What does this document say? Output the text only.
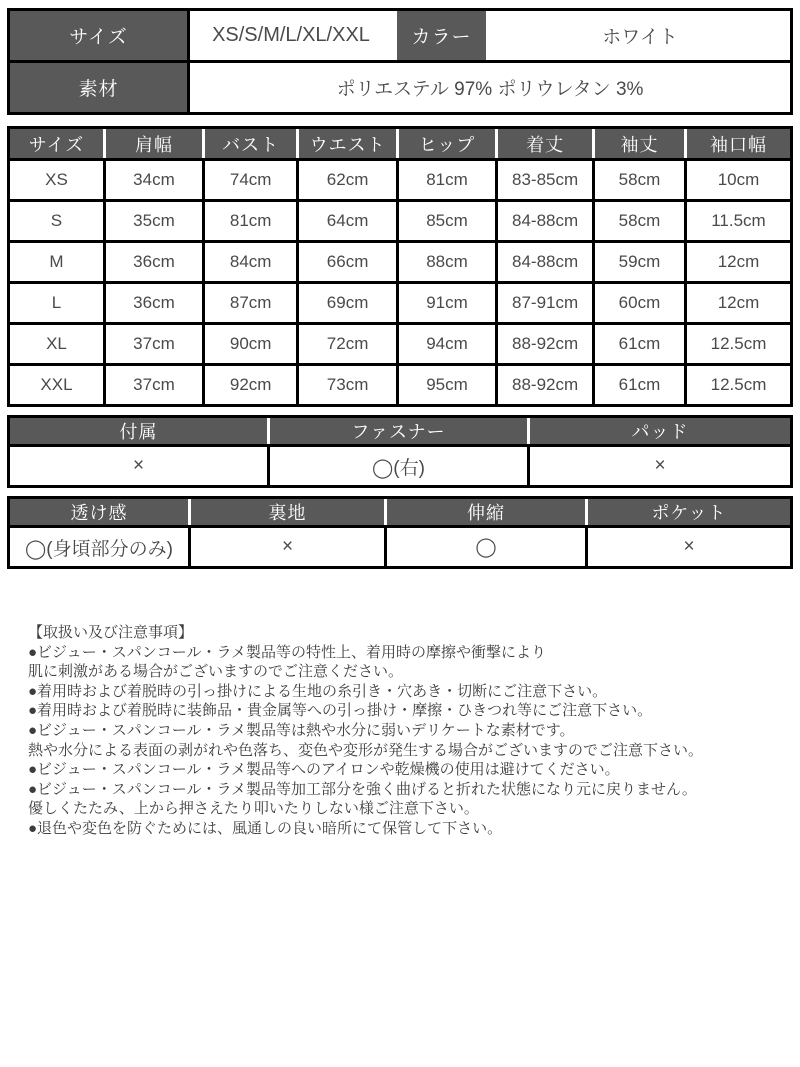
サイズ	XS/S/M/L/XL/XXL	カラー	ホワイト
素材	ポリエステル 97% ポリウレタン 3%
サイズ	肩幅	バスト	ウエスト	ヒップ	着丈	袖丈	袖口幅
XS	34cm	74cm	62cm	81cm	83-85cm	58cm	10cm
S	35cm	81cm	64cm	85cm	84-88cm	58cm	11.5cm
M	36cm	84cm	66cm	88cm	84-88cm	59cm	12cm
L	36cm	87cm	69cm	91cm	87-91cm	60cm	12cm
XL	37cm	90cm	72cm	94cm	88-92cm	61cm	12.5cm
XXL	37cm	92cm	73cm	95cm	88-92cm	61cm	12.5cm
付属	ファスナー	パッド
×	◯(右)	×
透け感	裏地	伸縮	ポケット
◯(身頃部分のみ)	×	◯	×
【取扱い及び注意事項】
●ビジュー・スパンコール・ラメ製品等の特性上、着用時の摩擦や衝撃により
肌に刺激がある場合がございますのでご注意ください。
●着用時および着脱時の引っ掛けによる生地の糸引き・穴あき・切断にご注意下さい。
●着用時および着脱時に装飾品・貴金属等への引っ掛け・摩擦・ひきつれ等にご注意下さい。
●ビジュー・スパンコール・ラメ製品等は熱や水分に弱いデリケートな素材です。
熱や水分による表面の剥がれや色落ち、変色や変形が発生する場合がございますのでご注意下さい。
●ビジュー・スパンコール・ラメ製品等へのアイロンや乾燥機の使用は避けてください。
●ビジュー・スパンコール・ラメ製品等加工部分を強く曲げると折れた状態になり元に戻りません。
優しくたたみ、上から押さえたり叩いたりしない様ご注意下さい。
●退色や変色を防ぐためには、風通しの良い暗所にて保管して下さい。
